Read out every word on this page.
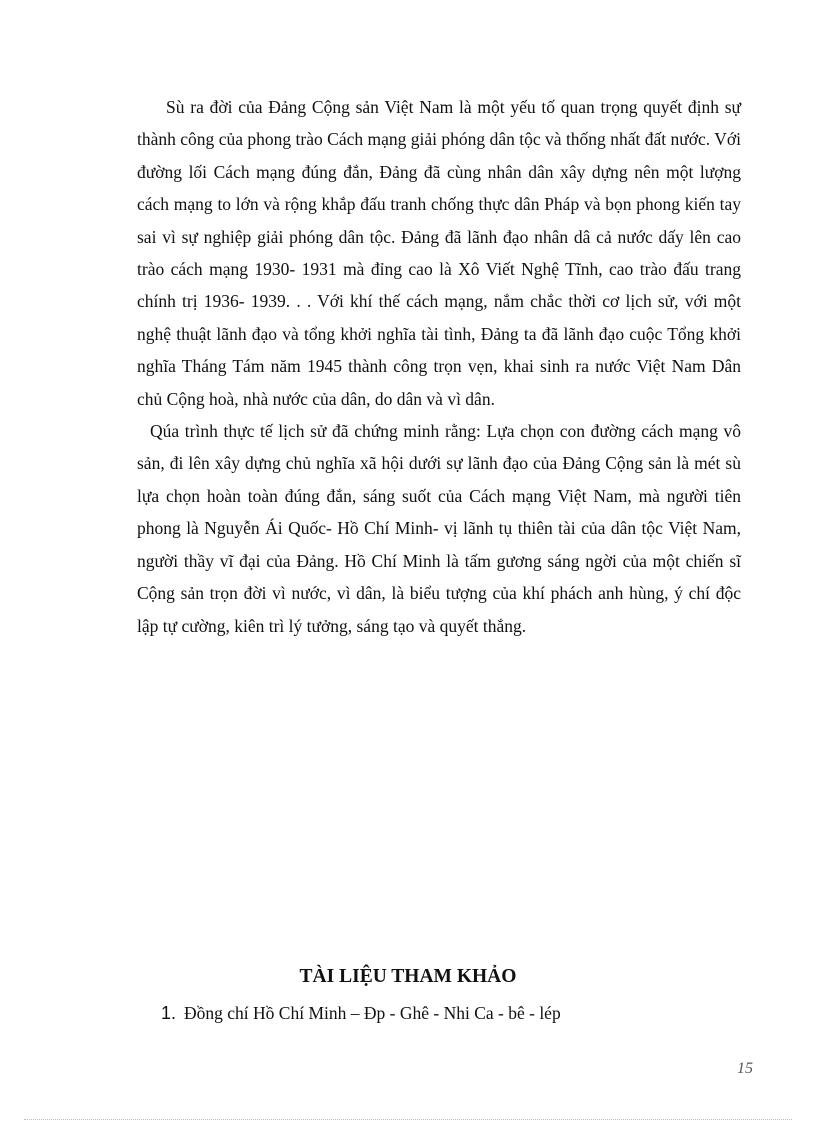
Sù ra đời của Đảng Cộng sản Việt Nam là một yếu tố quan trọng quyết định sự thành công của phong trào Cách mạng giải phóng dân tộc và thống nhất đất nước. Với đường lối Cách mạng đúng đắn, Đảng đã cùng nhân dân xây dựng nên một lượng cách mạng to lớn và rộng khắp đấu tranh chống thực dân Pháp và bọn phong kiến tay sai vì sự nghiệp giải phóng dân tộc. Đảng đã lãnh đạo nhân dâ cả nước dấy lên cao trào cách mạng 1930- 1931 mà đỉng cao là Xô Viết Nghệ Tĩnh, cao trào đấu trang chính trị 1936- 1939. . . Với khí thế cách mạng, nắm chắc thời cơ lịch sử, với một nghệ thuật lãnh đạo và tổng khởi nghĩa tài tình, Đảng ta đã lãnh đạo cuộc Tổng khởi nghĩa Tháng Tám năm 1945 thành công trọn vẹn, khai sinh ra nước Việt Nam Dân chủ Cộng hoà, nhà nước của dân, do dân và vì dân.

Qúa trình thực tế lịch sử đã chứng minh rằng: Lựa chọn con đường cách mạng vô sản, đi lên xây dựng chủ nghĩa xã hội dưới sự lãnh đạo của Đảng Cộng sản là mét sù lựa chọn hoàn toàn đúng đắn, sáng suốt của Cách mạng Việt Nam, mà người tiên phong là Nguyễn Ái Quốc- Hồ Chí Minh- vị lãnh tụ thiên tài của dân tộc Việt Nam, người thầy vĩ đại của Đảng. Hồ Chí Minh là tấm gương sáng ngời của một chiến sĩ Cộng sản trọn đời vì nước, vì dân, là biểu tượng của khí phách anh hùng, ý chí độc lập tự cường, kiên trì lý tưởng, sáng tạo và quyết thắng.

TÀI LIỆU THAM KHẢO
1. Đồng chí Hồ Chí Minh – Đp - Ghê - Nhi Ca - bê - lép
15
